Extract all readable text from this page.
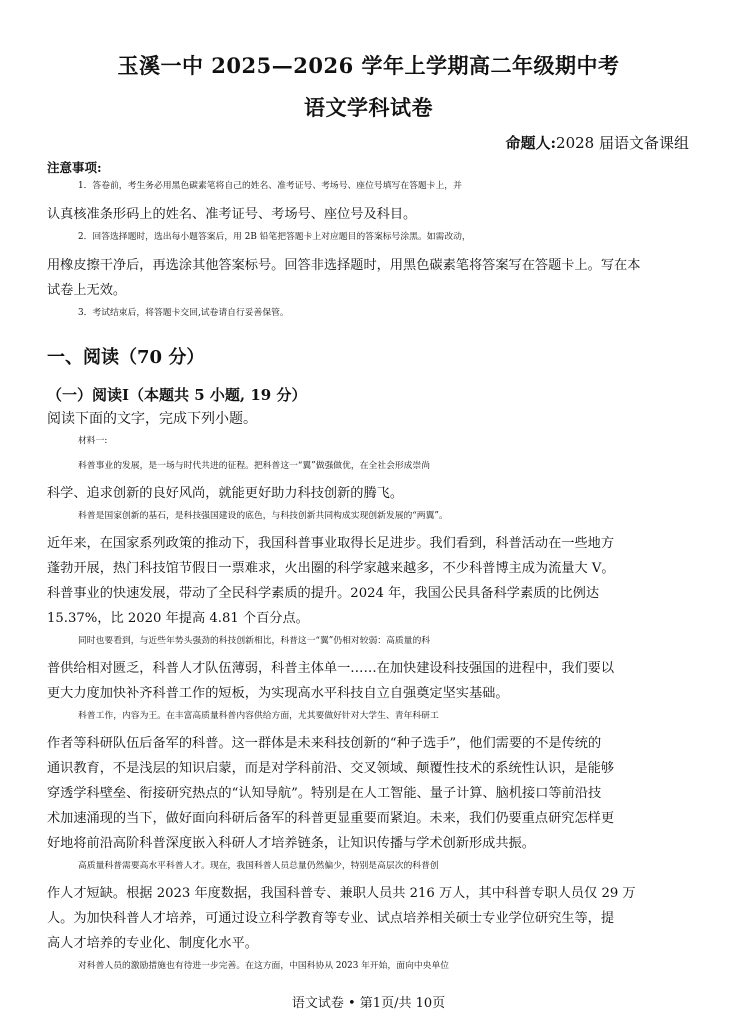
玉溪一中 2025—2026 学年上学期高二年级期中考
语文学科试卷
命题人:2028 届语文备课组
注意事项:
1．答卷前，考生务必用黑色碳素笔将自己的姓名、准考证号、考场号、座位号填写在答题卡上，并
认真核准条形码上的姓名、准考证号、考场号、座位号及科目。
2．回答选择题时，选出每小题答案后，用 2B 铅笔把答题卡上对应题目的答案标号涂黑。如需改动，
用橡皮擦干净后，再选涂其他答案标号。回答非选择题时，用黑色碳素笔将答案写在答题卡上。写在本
试卷上无效。
3．考试结束后，将答题卡交回,试卷请自行妥善保管。
一、阅读（70 分）
（一）阅读Ⅰ（本题共 5 小题, 19 分）
阅读下面的文字，完成下列小题。
材料一:
科普事业的发展，是一场与时代共进的征程。把科普这一“翼”做强做优，在全社会形成崇尚
科学、追求创新的良好风尚，就能更好助力科技创新的腾飞。
科普是国家创新的基石，是科技强国建设的底色，与科技创新共同构成实现创新发展的“两翼”。
近年来，在国家系列政策的推动下，我国科普事业取得长足进步。我们看到，科普活动在一些地方
蓬勃开展，热门科技馆节假日一票难求，火出圈的科学家越来越多，不少科普博主成为流量大 V。
科普事业的快速发展，带动了全民科学素质的提升。2024 年，我国公民具备科学素质的比例达
15.37%，比 2020 年提高 4.81 个百分点。
同时也要看到，与近些年势头强劲的科技创新相比，科普这一“翼”仍相对较弱：高质量的科
普供给相对匮乏，科普人才队伍薄弱，科普主体单一……在加快建设科技强国的进程中，我们要以
更大力度加快补齐科普工作的短板，为实现高水平科技自立自强奠定坚实基础。
科普工作，内容为王。在丰富高质量科普内容供给方面，尤其要做好针对大学生、青年科研工
作者等科研队伍后备军的科普。这一群体是未来科技创新的“种子选手”，他们需要的不是传统的
通识教育，不是浅层的知识启蒙，而是对学科前沿、交叉领域、颠覆性技术的系统性认识，是能够
穿透学科壁垒、衔接研究热点的“认知导航”。特别是在人工智能、量子计算、脑机接口等前沿技
术加速涌现的当下，做好面向科研后备军的科普更显重要而紧迫。未来，我们仍要重点研究怎样更
好地将前沿高阶科普深度嵌入科研人才培养链条，让知识传播与学术创新形成共振。
高质量科普需要高水平科普人才。现在，我国科普人员总量仍然偏少，特别是高层次的科普创
作人才短缺。根据 2023 年度数据，我国科普专、兼职人员共 216 万人，其中科普专职人员仅 29 万
人。为加快科普人才培养，可通过设立科学教育等专业、试点培养相关硕士专业学位研究生等，提
高人才培养的专业化、制度化水平。
对科普人员的激励措施也有待进一步完善。在这方面，中国科协从 2023 年开始，面向中央单位
语文试卷 • 第1页/共 10页
